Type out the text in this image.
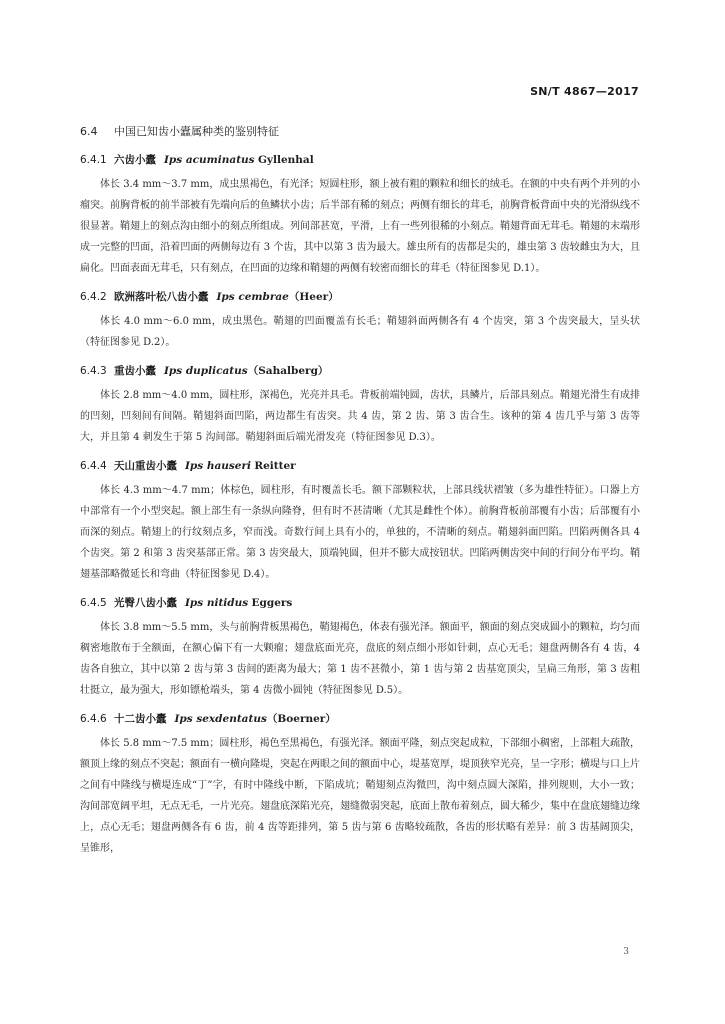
SN/T 4867—2017
6.4 中国已知齿小蠹属种类的鉴别特征
6.4.1 六齿小蠹 Ips acuminatus Gyllenhal

体长 3.4 mm～3.7 mm，成虫黑褐色，有光泽；短圆柱形，额上被有粗的颗粒和细长的绒毛。在额的中央有两个并列的小瘤突。前胸背板的前半部被有先端向后的鱼鳞状小齿；后半部有稀的刻点；两侧有细长的茸毛，前胸背板背面中央的光滑纵线不很显著。鞘翅上的刻点沟由细小的刻点所组成。列间部甚宽，平滑，上有一些列很稀的小刻点。鞘翅背面无茸毛。鞘翅的末端形成一完整的凹面，沿着凹面的两侧每边有 3 个齿，其中以第 3 齿为最大。雄虫所有的齿都是尖的，雄虫第 3 齿较雌虫为大，且扁化。凹面表面无茸毛，只有刻点，在凹面的边缘和鞘翅的两侧有较密而细长的茸毛（特征图参见 D.1）。

6.4.2 欧洲落叶松八齿小蠹 Ips cembrae（Heer）

体长 4.0 mm～6.0 mm，成虫黑色。鞘翅的凹面覆盖有长毛；鞘翅斜面两侧各有 4 个齿突，第 3 个齿突最大，呈头状（特征图参见 D.2）。

6.4.3 重齿小蠹 Ips duplicatus（Sahalberg）

体长 2.8 mm～4.0 mm，圆柱形，深褐色，光亮并具毛。背板前端钝圆，齿状，具鳞片，后部具刻点。鞘翅光滑生有成排的凹刻，凹刻间有间隔。鞘翅斜面凹陷，两边都生有齿突。共 4 齿，第 2 齿、第 3 齿合生。该种的第 4 齿几乎与第 3 齿等大，并且第 4 刺发生于第 5 沟间部。鞘翅斜面后端光滑发亮（特征图参见 D.3）。

6.4.4 天山重齿小蠹 Ips hauseri Reitter

体长 4.3 mm～4.7 mm；体棕色，圆柱形，有时覆盖长毛。额下部颗粒状，上部具线状褶皱（多为雄性特征）。口器上方中部常有一个小型突起。额上部生有一条纵向隆脊，但有时不甚清晰（尤其是雌性个体）。前胸背板前部覆有小齿；后部覆有小而深的刻点。鞘翅上的行纹刻点多，窄而浅。奇数行间上具有小的，单独的，不清晰的刻点。鞘翅斜面凹陷。凹陷两侧各具 4 个齿突。第 2 和第 3 齿突基部正常。第 3 齿突最大，顶端钝圆，但并不膨大成按钮状。凹陷两侧齿突中间的行间分布平均。鞘翅基部略微延长和弯曲（特征图参见 D.4）。

6.4.5 光臀八齿小蠹 Ips nitidus Eggers

体长 3.8 mm～5.5 mm，头与前胸背板黑褐色，鞘翅褐色，体表有强光泽。额面平，额面的刻点突成圆小的颗粒，均匀而稠密地散布于全额面，在额心偏下有一大颗瘤；翅盘底面光亮，盘底的刻点细小形如针刺，点心无毛；翅盘两侧各有 4 齿，4 齿各自独立，其中以第 2 齿与第 3 齿间的距离为最大；第 1 齿不甚微小，第 1 齿与第 2 齿基宽顶尖，呈扁三角形，第 3 齿粗壮挺立，最为强大，形如镖枪端头，第 4 齿微小圆钝（特征图参见 D.5）。

6.4.6 十二齿小蠹 Ips sexdentatus（Boerner）

体长 5.8 mm～7.5 mm；圆柱形，褐色至黑褐色，有强光泽。额面平隆，刻点突起成粒，下部细小稠密，上部粗大疏散，额顶上缘的刻点不突起；额面有一横向隆堤，突起在两眼之间的额面中心，堤基宽厚，堤顶狭窄光亮，呈一字形；横堤与口上片之间有中隆线与横堤连成“丁”字，有时中隆线中断，下陷成坑；鞘翅刻点沟微凹，沟中刻点圆大深陷，排列规则，大小一致；沟间部宽阔平坦，无点无毛，一片光亮。翅盘底深陷光亮，翅缝微弱突起，底面上散布着刻点，圆大稀少，集中在盘底翅缝边缘上，点心无毛；翅盘两侧各有 6 齿，前 4 齿等距排列，第 5 齿与第 6 齿略较疏散，各齿的形状略有差异：前 3 齿基阔顶尖，呈锥形，

3
